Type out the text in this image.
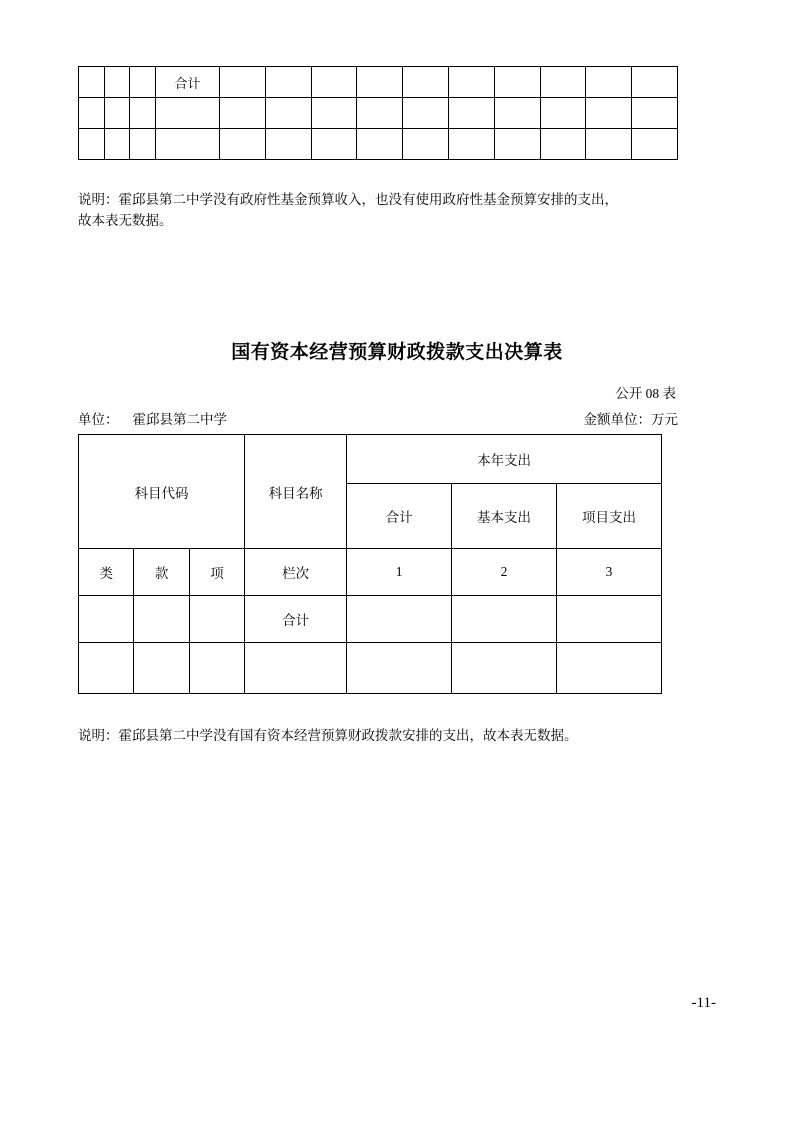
			合计										

说明：霍邱县第二中学没有政府性基金预算收入，也没有使用政府性基金预算安排的支出，
故本表无数据。
国有资本经营预算财政拨款支出决算表
公开 08 表
单位： 霍邱县第二中学	金额单位：万元
科目代码			科目名称	本年支出		
				合计	基本支出	项目支出
类	款	项	栏次	1	2	3
			合计			

说明：霍邱县第二中学没有国有资本经营预算财政拨款安排的支出，故本表无数据。
-11-
